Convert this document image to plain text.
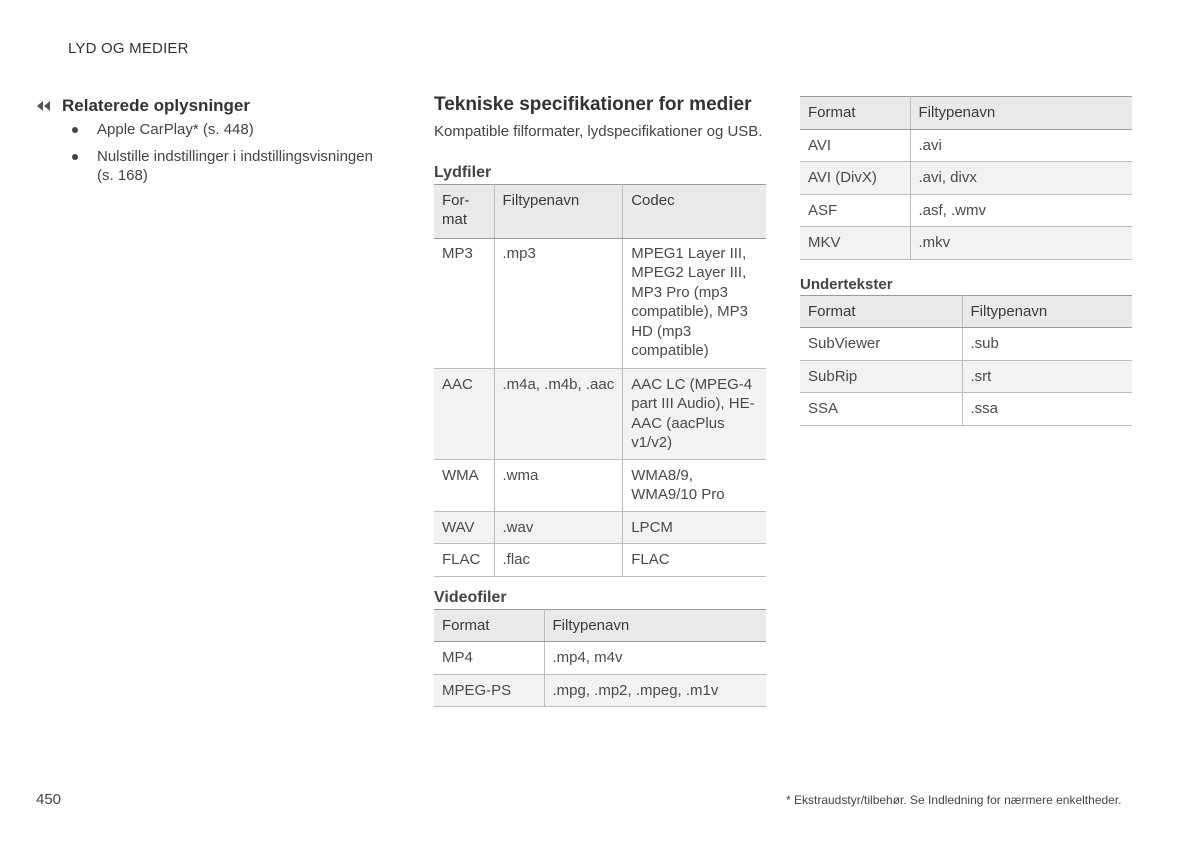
LYD OG MEDIER
Relaterede oplysninger
Apple CarPlay* (s. 448)
Nulstille indstillinger i indstillingsvisningen (s. 168)
Tekniske specifikationer for medier

Kompatible filformater, lydspecifikationer og USB.

Lydfiler
For-mat	Filtypenavn	Codec
MP3	.mp3	MPEG1 Layer III, MPEG2 Layer III, MP3 Pro (mp3 compatible), MP3 HD (mp3 compatible)
AAC	.m4a, .m4b, .aac	AAC LC (MPEG-4 part III Audio), HE-AAC (aacPlus v1/v2)
WMA	.wma	WMA8/9, WMA9/10 Pro
WAV	.wav	LPCM
FLAC	.flac	FLAC
Videofiler
Format	Filtypenavn
MP4	.mp4, m4v
MPEG-PS	.mpg, .mp2, .mpeg, .m1v
Format	Filtypenavn
AVI	.avi
AVI (DivX)	.avi, divx
ASF	.asf, .wmv
MKV	.mkv
Undertekster
Format	Filtypenavn
SubViewer	.sub
SubRip	.srt
SSA	.ssa
450	* Ekstraudstyr/tilbehør. Se Indledning for nærmere enkeltheder.
